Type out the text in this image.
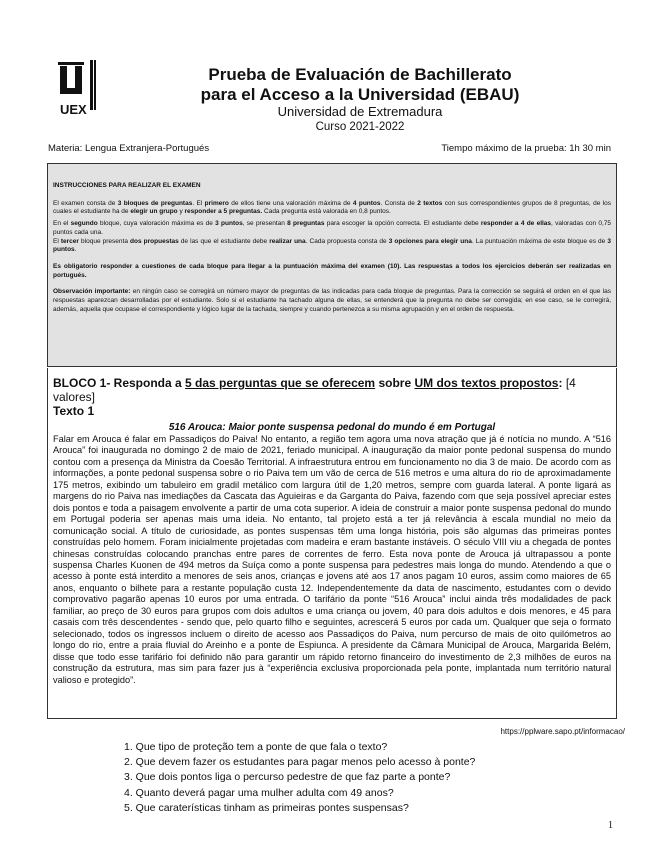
UEX
Prueba de Evaluación de Bachillerato
para el Acceso a la Universidad (EBAU)
Universidad de Extremadura
Curso 2021-2022
Materia: Lengua Extranjera-Portugués	Tiempo máximo de la prueba: 1h 30 min

INSTRUCCIONES PARA REALIZAR EL EXAMEN

El examen consta de 3 bloques de preguntas. El primero de ellos tiene una valoración máxima de 4 puntos. Consta de 2 textos con sus correspondientes grupos de 8 preguntas, de los cuales el estudiante ha de elegir un grupo y responder a 5 preguntas. Cada pregunta está valorada en 0,8 puntos.

En el segundo bloque, cuya valoración máxima es de 3 puntos, se presentan 8 preguntas para escoger la opción correcta. El estudiante debe responder a 4 de ellas, valoradas con 0,75 puntos cada una.

El tercer bloque presenta dos propuestas de las que el estudiante debe realizar una. Cada propuesta consta de 3 opciones para elegir una. La puntuación máxima de este bloque es de 3 puntos.

Es obligatorio responder a cuestiones de cada bloque para llegar a la puntuación máxima del examen (10). Las respuestas a todos los ejercicios deberán ser realizadas en portugués.

Observación importante: en ningún caso se corregirá un número mayor de preguntas de las indicadas para cada bloque de preguntas. Para la corrección se seguirá el orden en el que las respuestas aparezcan desarrolladas por el estudiante. Solo si el estudiante ha tachado alguna de ellas, se entenderá que la pregunta no debe ser corregida; en ese caso, se le corregirá, además, aquella que ocupase el correspondiente y lógico lugar de la tachada, siempre y cuando pertenezca a su misma agrupación y en el orden de respuesta.

BLOCO 1- Responda a 5 das perguntas que se oferecem sobre UM dos textos propostos: [4 valores]
Texto 1
516 Arouca: Maior ponte suspensa pedonal do mundo é em Portugal

Falar em Arouca é falar em Passadiços do Paiva! No entanto, a região tem agora uma nova atração que já é notícia no mundo. A “516 Arouca” foi inaugurada no domingo 2 de maio de 2021, feriado municipal. A inauguração da maior ponte pedonal suspensa do mundo contou com a presença da Ministra da Coesão Territorial. A infraestrutura entrou em funcionamento no dia 3 de maio. De acordo com as informações, a ponte pedonal suspensa sobre o rio Paiva tem um vão de cerca de 516 metros e uma altura do rio de aproximadamente 175 metros, exibindo um tabuleiro em gradil metálico com largura útil de 1,20 metros, sempre com guarda lateral. A ponte ligará as margens do rio Paiva nas imediações da Cascata das Aguieiras e da Garganta do Paiva, fazendo com que seja possível apreciar estes dois pontos e toda a paisagem envolvente a partir de uma cota superior. A ideia de construir a maior ponte suspensa pedonal do mundo em Portugal poderia ser apenas mais uma ideia. No entanto, tal projeto está a ter já relevância à escala mundial no meio da comunicação social. A título de curiosidade, as pontes suspensas têm uma longa história, pois são algumas das primeiras pontes construídas pelo homem. Foram inicialmente projetadas com madeira e eram bastante instáveis. O século VIII viu a chegada de pontes chinesas construídas colocando pranchas entre pares de correntes de ferro. Esta nova ponte de Arouca já ultrapassou a ponte suspensa Charles Kuonen de 494 metros da Suíça como a ponte suspensa para pedestres mais longa do mundo. Atendendo a que o acesso à ponte está interdito a menores de seis anos, crianças e jovens até aos 17 anos pagam 10 euros, assim como maiores de 65 anos, enquanto o bilhete para a restante população custa 12. Independentemente da data de nascimento, estudantes com o devido comprovativo pagarão apenas 10 euros por uma entrada. O tarifário da ponte “516 Arouca” inclui ainda três modalidades de pack familiar, ao preço de 30 euros para grupos com dois adultos e uma criança ou jovem, 40 para dois adultos e dois menores, e 45 para casais com três descendentes - sendo que, pelo quarto filho e seguintes, acrescerá 5 euros por cada um. Qualquer que seja o formato selecionado, todos os ingressos incluem o direito de acesso aos Passadiços do Paiva, num percurso de mais de oito quilómetros ao longo do rio, entre a praia fluvial do Areinho e a ponte de Espiunca. A presidente da Câmara Municipal de Arouca, Margarida Belém, disse que todo esse tarifário foi definido não para garantir um rápido retorno financeiro do investimento de 2,3 milhões de euros na construção da estrutura, mas sim para fazer jus à “experiência exclusiva proporcionada pela ponte, implantada num território natural valioso e protegido”.

https://pplware.sapo.pt/informacao/
1. Que tipo de proteção tem a ponte de que fala o texto?
2. Que devem fazer os estudantes para pagar menos pelo acesso à ponte?
3. Que dois pontos liga o percurso pedestre de que faz parte a ponte?
4. Quanto deverá pagar uma mulher adulta com 49 anos?
5. Que caraterísticas tinham as primeiras pontes suspensas?
1
